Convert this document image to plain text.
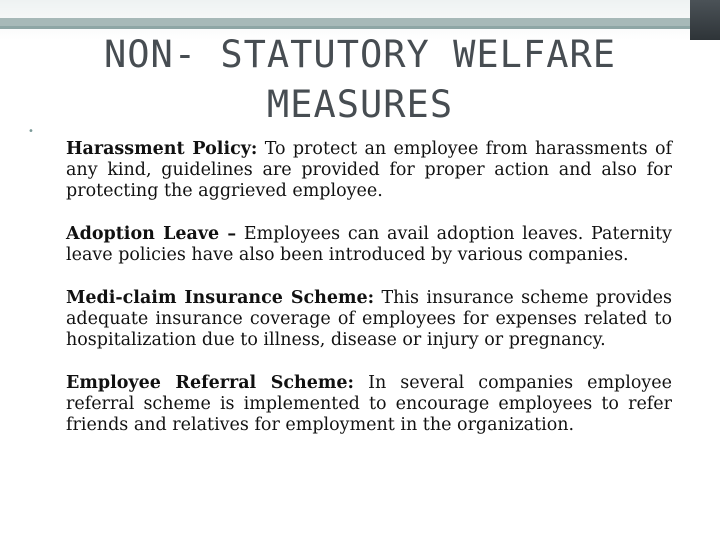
NON- STATUTORY WELFARE MEASURES
•

Harassment Policy: To protect an employee from harassments of any kind, guidelines are provided for proper action and also for protecting the aggrieved employee.

Adoption Leave – Employees can avail adoption leaves. Paternity leave policies have also been introduced by various companies.

Medi-claim Insurance Scheme: This insurance scheme provides adequate insurance coverage of employees for expenses related to hospitalization due to illness, disease or injury or pregnancy.

Employee Referral Scheme: In several companies employee referral scheme is implemented to encourage employees to refer friends and relatives for employment in the organization.
